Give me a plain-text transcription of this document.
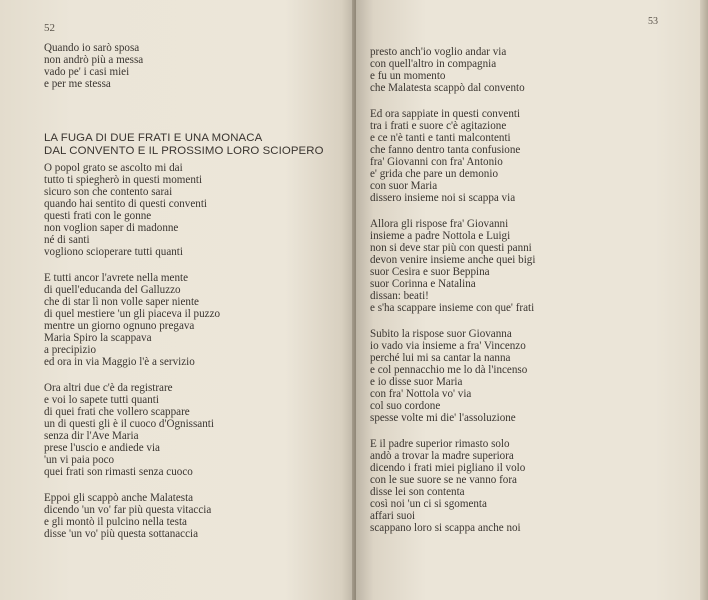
52
Quando io sarò sposa
non andrò più a messa
vado pe' i casi miei
e per me stessa
LA FUGA DI DUE FRATI E UNA MONACA
DAL CONVENTO E IL PROSSIMO LORO SCIOPERO
O popol grato se ascolto mi dai
tutto ti spiegherò in questi momenti
sicuro son che contento sarai
quando hai sentito di questi conventi
questi frati con le gonne
non voglion saper di madonne
né di santi
vogliono scioperare tutti quanti
E tutti ancor l'avrete nella mente
di quell'educanda del Galluzzo
che di star lì non volle saper niente
di quel mestiere 'un gli piaceva il puzzo
mentre un giorno ognuno pregava
Maria Spiro la scappava
a precipizio
ed ora in via Maggio l'è a servizio
Ora altri due c'è da registrare
e voi lo sapete tutti quanti
di quei frati che vollero scappare
un di questi gli è il cuoco d'Ognissanti
senza dir l'Ave Maria
prese l'uscio e andiede via
'un vi paia poco
quei frati son rimasti senza cuoco
Eppoi gli scappò anche Malatesta
dicendo 'un vo' far più questa vitaccia
e gli montò il pulcino nella testa
disse 'un vo' più questa sottanaccia
53
presto anch'io voglio andar via
con quell'altro in compagnia
e fu un momento
che Malatesta scappò dal convento
Ed ora sappiate in questi conventi
tra i frati e suore c'è agitazione
e ce n'è tanti e tanti malcontenti
che fanno dentro tanta confusione
fra' Giovanni con fra' Antonio
e' grida che pare un demonio
con suor Maria
dissero insieme noi si scappa via
Allora gli rispose fra' Giovanni
insieme a padre Nottola e Luigi
non si deve star più con questi panni
devon venire insieme anche quei bigi
suor Cesira e suor Beppina
suor Corinna e Natalina
dissan: beati!
e s'ha scappare insieme con que' frati
Subito la rispose suor Giovanna
io vado via insieme a fra' Vincenzo
perché lui mi sa cantar la nanna
e col pennacchio me lo dà l'incenso
e io disse suor Maria
con fra' Nottola vo' via
col suo cordone
spesse volte mi die' l'assoluzione
E il padre superior rimasto solo
andò a trovar la madre superiora
dicendo i frati miei pigliano il volo
con le sue suore se ne vanno fora
disse lei son contenta
così noi 'un ci si sgomenta
affari suoi
scappano loro si scappa anche noi
